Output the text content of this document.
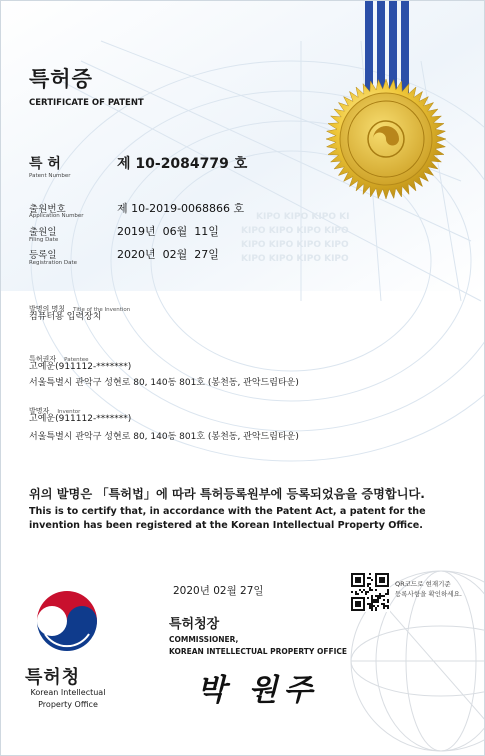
KIPO KIPO KIPO KI
KIPO KIPO KIPO KIPO
KIPO KIPO KIPO KIPO
KIPO KIPO KIPO KIPO
특허증
CERTIFICATE OF PATENT
특 허
Patent Number
제 10-2084779 호
출원번호
Application Number
제 10-2019-0068866 호
출원일
Filing Date
2019년  06월  11일
등록일
Registration Date
2020년  02월  27일
발명의 명칭 Title of the Invention
컴퓨터용 입력장치
특허권자 Patentee
고예운(911112-*******)
서울특별시 관악구 성현로 80, 140동 801호 (봉천동, 관악드림타운)
발명자 Inventor
고예운(911112-*******)
서울특별시 관악구 성현로 80, 140동 801호 (봉천동, 관악드림타운)
위의 발명은 「특허법」에 따라 특허등록원부에 등록되었음을 증명합니다.
This is to certify that, in accordance with the Patent Act, a patent for the invention has been registered at the Korean Intellectual Property Office.
2020년 02월 27일
QR코드로 현재기준
등록사항을 확인하세요.
특허청장
COMMISSIONER,
KOREAN INTELLECTUAL PROPERTY OFFICE
박 원주
특허청
Korean Intellectual
Property Office
